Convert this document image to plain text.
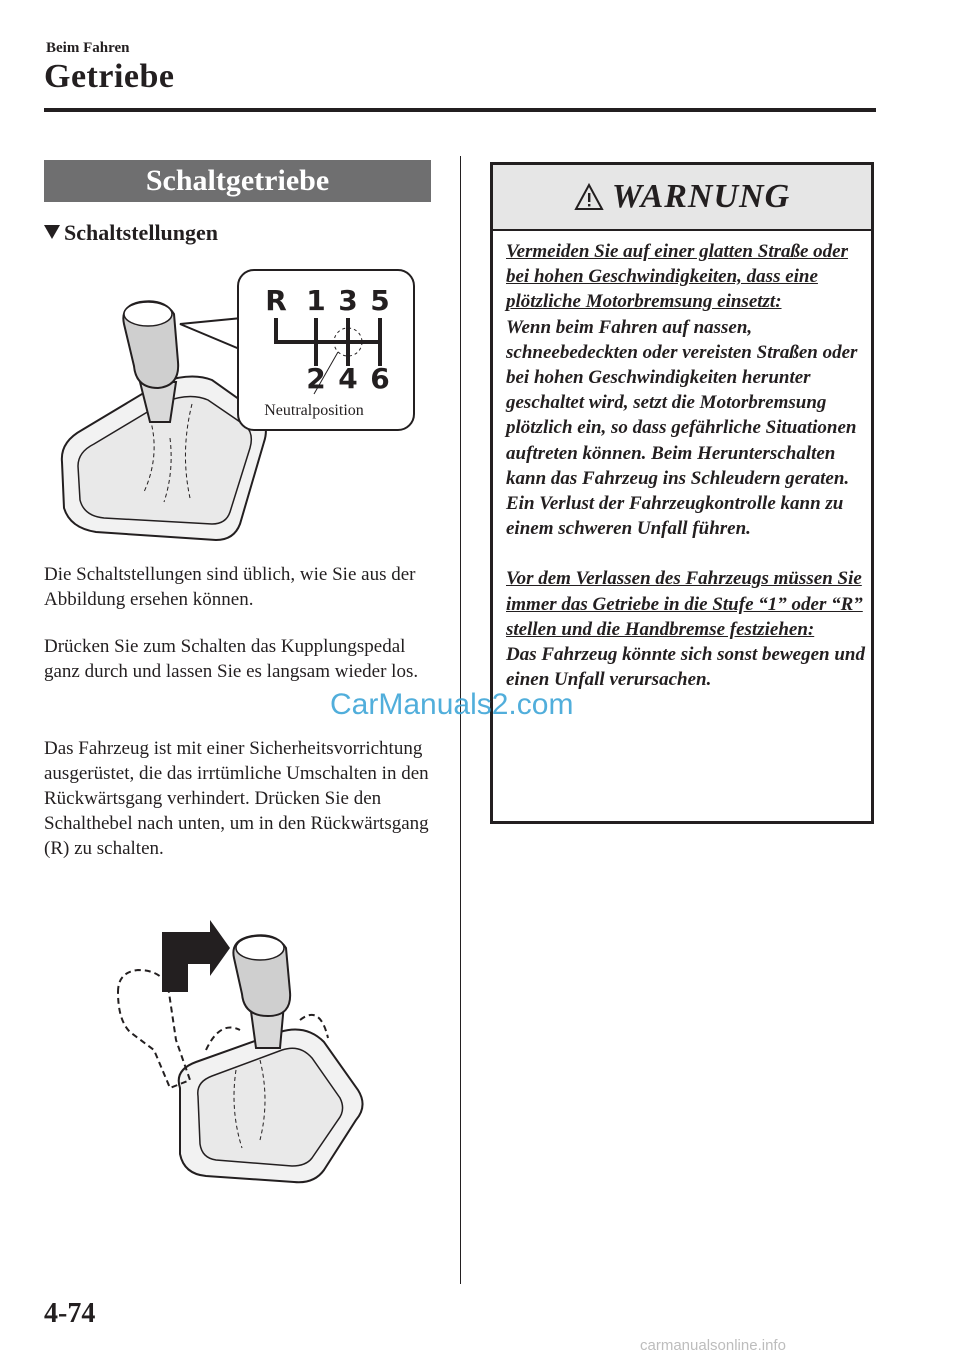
Beim Fahren
Getriebe
Schaltgetriebe
Schaltstellungen
R 1 3 5
2 4 6
Neutralposition

Die Schaltstellungen sind üblich, wie Sie aus der Abbildung ersehen können.

Drücken Sie zum Schalten das Kupplungspedal ganz durch und lassen Sie es langsam wieder los.

Das Fahrzeug ist mit einer Sicherheitsvorrichtung ausgerüstet, die das irrtümliche Umschalten in den Rückwärtsgang verhindert. Drücken Sie den Schalthebel nach unten, um in den Rückwärtsgang (R) zu schalten.

WARNUNG

Vermeiden Sie auf einer glatten Straße oder bei hohen Geschwindigkeiten, dass eine plötzliche Motorbremsung einsetzt:
Wenn beim Fahren auf nassen, schneebedeckten oder vereisten Straßen oder bei hohen Geschwindigkeiten herunter geschaltet wird, setzt die Motorbremsung plötzlich ein, so dass gefährliche Situationen auftreten können. Beim Herunterschalten kann das Fahrzeug ins Schleudern geraten. Ein Verlust der Fahrzeugkontrolle kann zu einem schweren Unfall führen.

Vor dem Verlassen des Fahrzeugs müssen Sie immer das Getriebe in die Stufe “1” oder “R” stellen und die Handbremse festziehen:
Das Fahrzeug könnte sich sonst bewegen und einen Unfall verursachen.

CarManuals2.com
4-74
carmanualsonline.info
